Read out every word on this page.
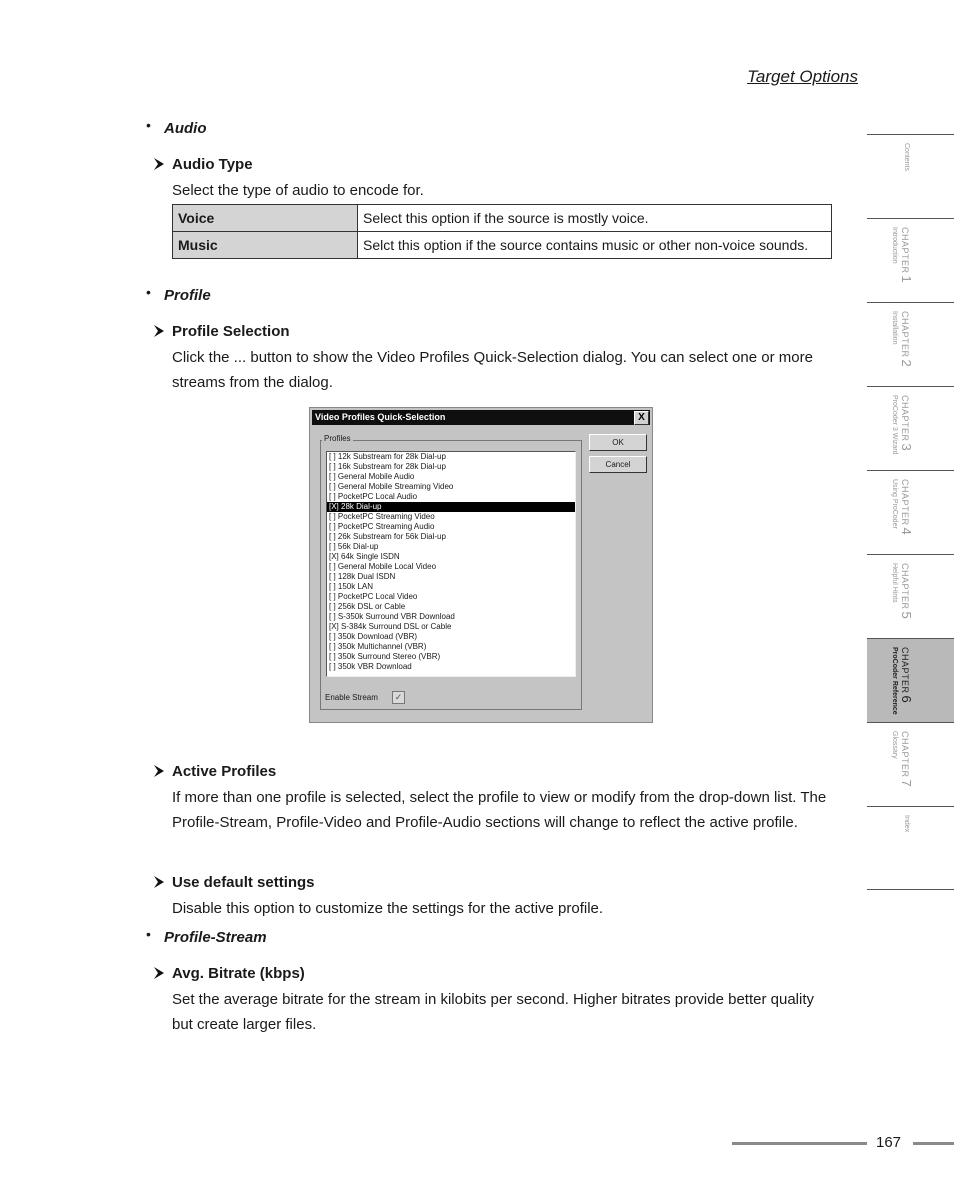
Target Options
• Audio
Audio Type
Select the type of audio to encode for.
Voice	Select this option if the source is mostly voice.
Music	Selct this option if the source contains music or other non-voice sounds.
• Profile
Profile Selection
Click the ... button to show the Video Profiles Quick-Selection dialog. You can select one or more streams from the dialog.
Video Profiles Quick-Selection	X
Profiles
[ ] 12k Substream for 28k Dial-up
[ ] 16k Substream for 28k Dial-up
[ ] General Mobile Audio
[ ] General Mobile Streaming Video
[ ] PocketPC Local Audio
[X] 28k Dial-up
[ ] PocketPC Streaming Video
[ ] PocketPC Streaming Audio
[ ] 26k Substream for 56k Dial-up
[ ] 56k Dial-up
[X] 64k Single ISDN
[ ] General Mobile Local Video
[ ] 128k Dual ISDN
[ ] 150k LAN
[ ] PocketPC Local Video
[ ] 256k DSL or Cable
[ ] S-350k Surround VBR Download
[X] S-384k Surround DSL or Cable
[ ] 350k Download (VBR)
[ ] 350k Multichannel (VBR)
[ ] 350k Surround Stereo (VBR)
[ ] 350k VBR Download
OK
Cancel
Enable Stream	✓
Active Profiles
If more than one profile is selected, select the profile to view or modify from the drop-down list. The Profile-Stream, Profile-Video and Profile-Audio sections will change to reflect the active profile.
Use default settings
Disable this option to customize the settings for the active profile.
• Profile-Stream
Avg. Bitrate (kbps)
Set the average bitrate for the stream in kilobits per second. Higher bitrates provide better quality but create larger files.
Contents
CHAPTER 1
Introduction
CHAPTER 2
Installation
CHAPTER 3
ProCoder 3 Wizard
CHAPTER 4
Using ProCoder
CHAPTER 5
Helpful Hints
CHAPTER 6
ProCoder Reference
CHAPTER 7
Glossary
Index
167
